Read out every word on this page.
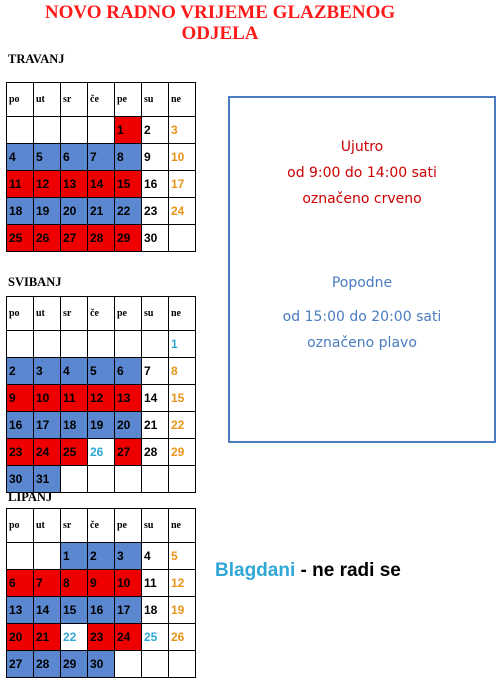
NOVO RADNO VRIJEME GLAZBENOG
ODJELA
TRAVANJ
po	ut	sr	če	pe	su	ne
				1	2	3
4	5	6	7	8	9	10
11	12	13	14	15	16	17
18	19	20	21	22	23	24
25	26	27	28	29	30	
SVIBANJ
po	ut	sr	če	pe	su	ne
						1
2	3	4	5	6	7	8
9	10	11	12	13	14	15
16	17	18	19	20	21	22
23	24	25	26	27	28	29
30	31					
LIPANJ
po	ut	sr	če	pe	su	ne
		1	2	3	4	5
6	7	8	9	10	11	12
13	14	15	16	17	18	19
20	21	22	23	24	25	26
27	28	29	30			
Ujutro
od 9:00 do 14:00 sati
označeno crveno
Popodne
od 15:00 do 20:00 sati
označeno plavo
Blagdani - ne radi se
